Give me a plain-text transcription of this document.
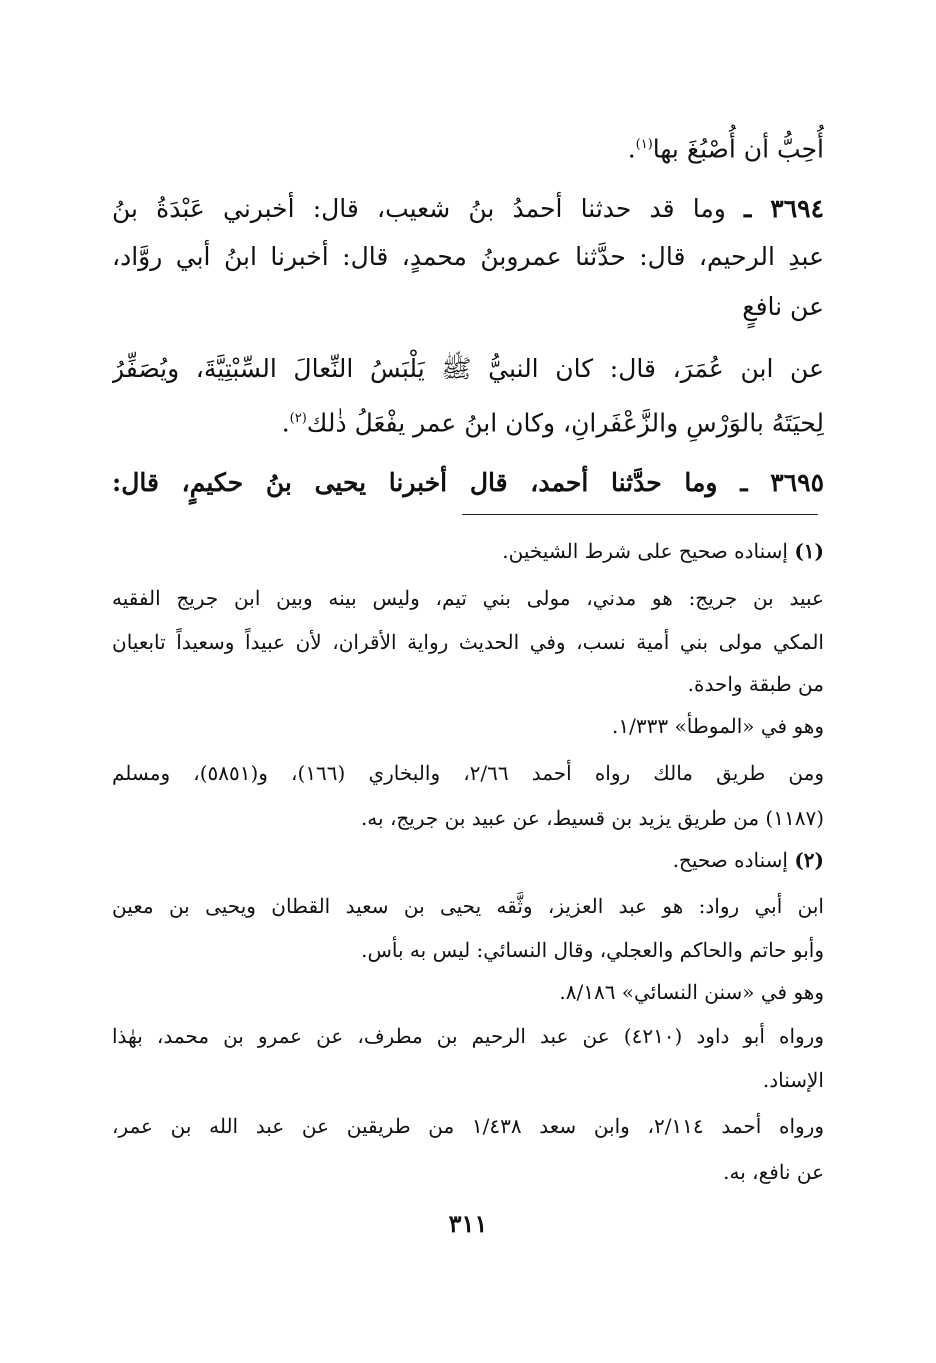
أُحِبُّ أن أُصْبُغَ بها$^{(١)}$.
٣٦٩٤ ـ وما قد حدثنا أحمدُ بنُ شعيب، قال: أخبرني عَبْدَةُ بنُ
عبدِ الرحيم، قال: حدَّثنا عمروبنُ محمدٍ، قال: أخبرنا ابنُ أبي روَّاد،
عن نافعٍ
عن ابن عُمَرَ، قال: كان النبيُّ ﷺ يَلْبَسُ النِّعالَ السِّبْتِيَّةَ، ويُصَفِّرُ
لِحيَتَهُ بالوَرْسِ والزَّعْفَرانِ، وكان ابنُ عمر يفْعَلُ ذٰلك$^{(٢)}$.
٣٦٩٥ ـ وما حدَّثنا أحمد، قال أخبرنا يحيى بنُ حكيمٍ، قال:
(١) إسناده صحيح على شرط الشيخين.
عبيد بن جريج: هو مدني، مولى بني تيم، وليس بينه وبين ابن جريج الفقيه
المكي مولى بني أمية نسب، وفي الحديث رواية الأقران، لأن عبيداً وسعيداً تابعيان
من طبقة واحدة.
وهو في «الموطأ» ١/٣٣٣.
ومن طريق مالك رواه أحمد ٢/٦٦، والبخاري (١٦٦)، و(٥٨٥١)، ومسلم
(١١٨٧) من طريق يزيد بن قسيط، عن عبيد بن جريج، به.
(٢) إسناده صحيح.
ابن أبي رواد: هو عبد العزيز، وثَّقه يحيى بن سعيد القطان ويحيى بن معين
وأبو حاتم والحاكم والعجلي، وقال النسائي: ليس به بأس.
وهو في «سنن النسائي» ٨/١٨٦.
ورواه أبو داود (٤٢١٠) عن عبد الرحيم بن مطرف، عن عمرو بن محمد، بهٰذا
الإسناد.
ورواه أحمد ٢/١١٤، وابن سعد ١/٤٣٨ من طريقين عن عبد الله بن عمر،
عن نافع، به.
٣١١
